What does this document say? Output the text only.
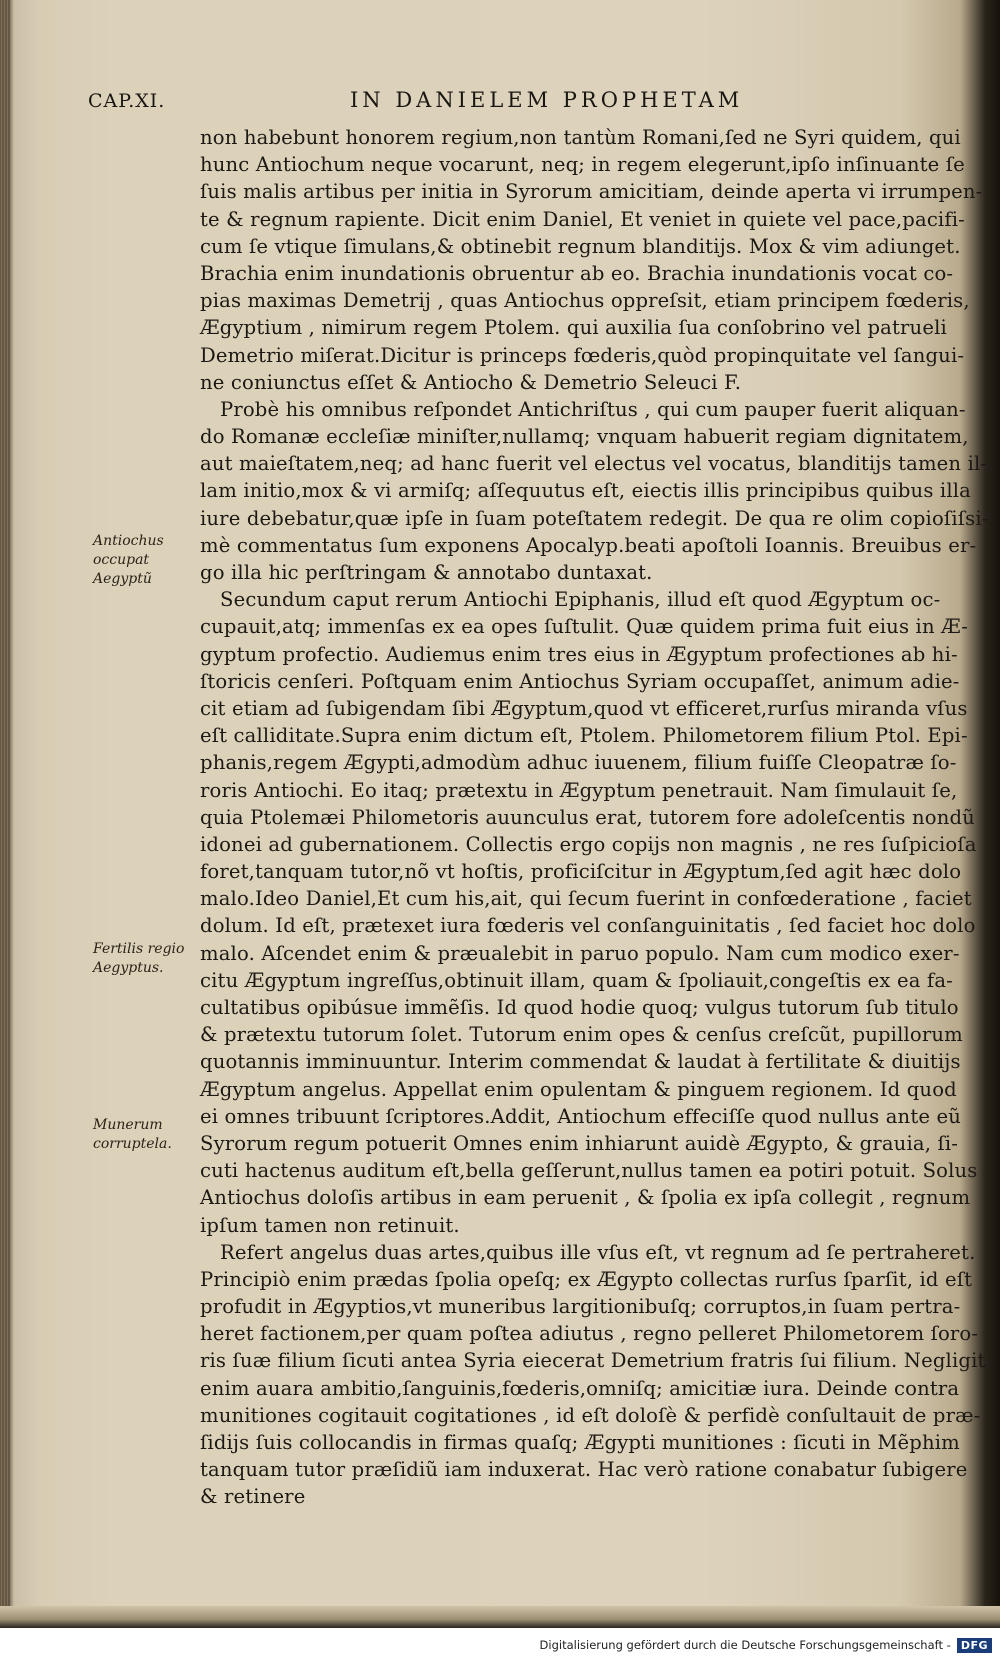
CAP.XI.	IN DANIELEM PROPHETAM
Antiochus occupat Aegyptũ
Fertilis regio Aegyptus.
Munerum corruptela.
non habebunt honorem regium,non tantùm Romani,ſed ne Syri quidem, qui
hunc Antiochum neque vocarunt, neq; in regem elegerunt,ipſo inſinuante ſe
ſuis malis artibus per initia in Syrorum amicitiam, deinde aperta vi irrumpen-
te & regnum rapiente. Dicit enim Daniel, Et veniet in quiete vel pace,pacifi-
cum ſe vtique ſimulans,& obtinebit regnum blanditijs. Mox & vim adiunget.
Brachia enim inundationis obruentur ab eo. Brachia inundationis vocat co-
pias maximas Demetrij , quas Antiochus oppreſsit, etiam principem fœderis,
Ægyptium , nimirum regem Ptolem. qui auxilia ſua conſobrino vel patrueli
Demetrio miſerat.Dicitur is princeps fœderis,quòd propinquitate vel ſangui-
ne coniunctus eſſet & Antiocho & Demetrio Seleuci F.
Probè his omnibus reſpondet Antichriſtus , qui cum pauper fuerit aliquan-
do Romanæ eccleſiæ miniſter,nullamq; vnquam habuerit regiam dignitatem,
aut maieſtatem,neq; ad hanc fuerit vel electus vel vocatus, blanditijs tamen il-
lam initio,mox & vi armiſq; aſſequutus eſt, eiectis illis principibus quibus illa
iure debebatur,quæ ipſe in ſuam poteſtatem redegit. De qua re olim copioſiſsi-
mè commentatus ſum exponens Apocalyp.beati apoſtoli Ioannis. Breuibus er-
go illa hic perſtringam & annotabo duntaxat.
Secundum caput rerum Antiochi Epiphanis, illud eſt quod Ægyptum oc-
cupauit,atq; immenſas ex ea opes ſuſtulit. Quæ quidem prima fuit eius in Æ-
gyptum profectio. Audiemus enim tres eius in Ægyptum profectiones ab hi-
ſtoricis cenſeri. Poſtquam enim Antiochus Syriam occupaſſet, animum adie-
cit etiam ad ſubigendam ſibi Ægyptum,quod vt efficeret,rurſus miranda vſus
eſt calliditate.Supra enim dictum eſt, Ptolem. Philometorem filium Ptol. Epi-
phanis,regem Ægypti,admodùm adhuc iuuenem, filium fuiſſe Cleopatræ ſo-
roris Antiochi. Eo itaq; prætextu in Ægyptum penetrauit. Nam ſimulauit ſe,
quia Ptolemæi Philometoris auunculus erat, tutorem fore adoleſcentis nondũ
idonei ad gubernationem. Collectis ergo copijs non magnis , ne res ſuſpicioſa
foret,tanquam tutor,nõ vt hoſtis, proficiſcitur in Ægyptum,ſed agit hæc dolo
malo.Ideo Daniel,Et cum his,ait, qui ſecum fuerint in confœderatione , faciet
dolum. Id eſt, prætexet iura fœderis vel conſanguinitatis , ſed faciet hoc dolo
malo. Aſcendet enim & præualebit in paruo populo. Nam cum modico exer-
citu Ægyptum ingreſſus,obtinuit illam, quam & ſpoliauit,congeſtis ex ea fa-
cultatibus opibúsue immẽſis. Id quod hodie quoq; vulgus tutorum ſub titulo
& prætextu tutorum ſolet. Tutorum enim opes & cenſus creſcũt, pupillorum
quotannis imminuuntur. Interim commendat & laudat à fertilitate & diuitijs
Ægyptum angelus. Appellat enim opulentam & pinguem regionem. Id quod
ei omnes tribuunt ſcriptores.Addit, Antiochum effeciſſe quod nullus ante eũ
Syrorum regum potuerit Omnes enim inhiarunt auidè Ægypto, & grauia, ſi-
cuti hactenus auditum eſt,bella geſſerunt,nullus tamen ea potiri potuit. Solus
Antiochus doloſis artibus in eam peruenit , & ſpolia ex ipſa collegit , regnum
ipſum tamen non retinuit.
Refert angelus duas artes,quibus ille vſus eſt, vt regnum ad ſe pertraheret.
Principiò enim prædas ſpolia opeſq; ex Ægypto collectas rurſus ſparſit, id eſt
profudit in Ægyptios,vt muneribus largitionibuſq; corruptos,in ſuam pertra-
heret factionem,per quam poſtea adiutus , regno pelleret Philometorem ſoro-
ris ſuæ filium ſicuti antea Syria eiecerat Demetrium fratris ſui filium. Negligit
enim auara ambitio,ſanguinis,fœderis,omniſq; amicitiæ iura. Deinde contra
munitiones cogitauit cogitationes , id eſt doloſè & perfidè conſultauit de præ-
ſidijs ſuis collocandis in firmas quaſq; Ægypti munitiones : ſicuti in Mẽphim
tanquam tutor præſidiũ iam induxerat. Hac verò ratione conabatur ſubigere
& retinere
Digitalisierung gefördert durch die Deutsche Forschungsgemeinschaft - DFG
